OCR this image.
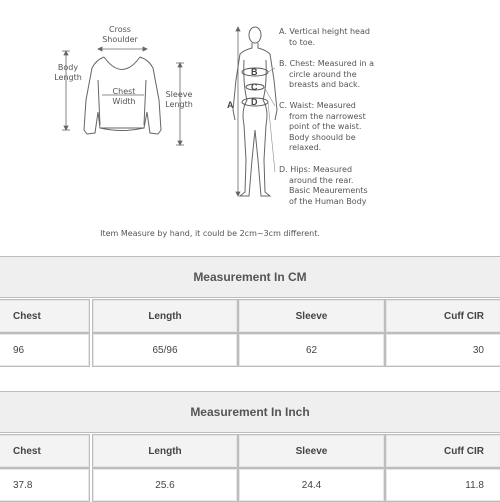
Cross
Shoulder
Body
Length
Chest
Width
Sleeve
Length	A
B
C
D
A. Vertical height head
to toe.
B. Chest: Measured in a
circle around the
breasts and back.
C. Waist: Measured
from the narrowest
point of the waist.
Body shoould be
relaxed.
D. Hips: Measured
around the rear.
Basic Meaurements
of the Human Body
Item Measure by hand, it could be 2cm~3cm different.
Measurement In CM
Chest	Length	Sleeve	Cuff CIR
96	65/96	62	30
Measurement In Inch
Chest	Length	Sleeve	Cuff CIR
37.8	25.6	24.4	11.8
